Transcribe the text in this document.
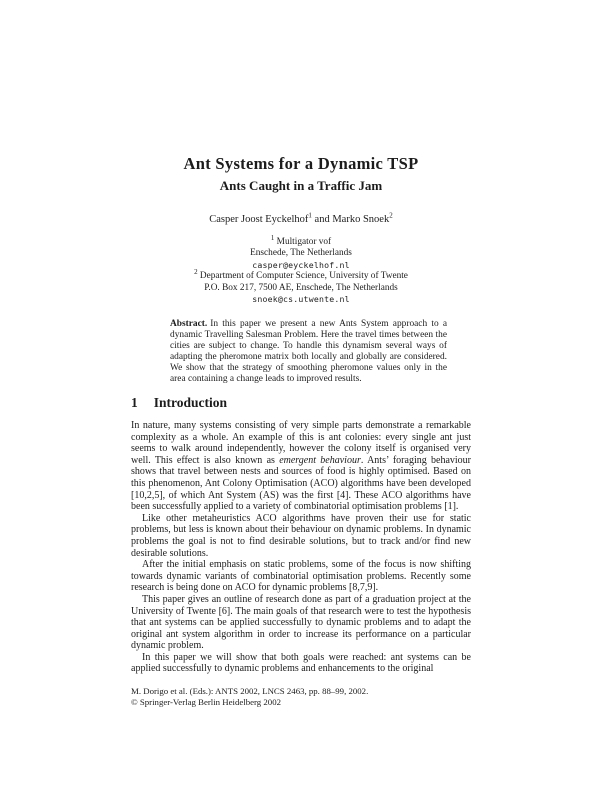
Ant Systems for a Dynamic TSP
Ants Caught in a Traffic Jam
Casper Joost Eyckelhof$^1$ and Marko Snoek$^2$
$^1$ Multigator vof
Enschede, The Netherlands
casper@eyckelhof.nl
$^2$ Department of Computer Science, University of Twente
P.O. Box 217, 7500 AE, Enschede, The Netherlands
snoek@cs.utwente.nl
Abstract. In this paper we present a new Ants System approach to a dynamic Travelling Salesman Problem. Here the travel times between the cities are subject to change. To handle this dynamism several ways of adapting the pheromone matrix both locally and globally are considered. We show that the strategy of smoothing pheromone values only in the area containing a change leads to improved results.
1 Introduction

In nature, many systems consisting of very simple parts demonstrate a remarkable complexity as a whole. An example of this is ant colonies: every single ant just seems to walk around independently, however the colony itself is organised very well. This effect is also known as emergent behaviour. Ants’ foraging behaviour shows that travel between nests and sources of food is highly optimised. Based on this phenomenon, Ant Colony Optimisation (ACO) algorithms have been developed [10,2,5], of which Ant System (AS) was the first [4]. These ACO algorithms have been successfully applied to a variety of combinatorial optimisation problems [1].

Like other metaheuristics ACO algorithms have proven their use for static problems, but less is known about their behaviour on dynamic problems. In dynamic problems the goal is not to find desirable solutions, but to track and/or find new desirable solutions.

After the initial emphasis on static problems, some of the focus is now shifting towards dynamic variants of combinatorial optimisation problems. Recently some research is being done on ACO for dynamic problems [8,7,9].

This paper gives an outline of research done as part of a graduation project at the University of Twente [6]. The main goals of that research were to test the hypothesis that ant systems can be applied successfully to dynamic problems and to adapt the original ant system algorithm in order to increase its performance on a particular dynamic problem.

In this paper we will show that both goals were reached: ant systems can be applied successfully to dynamic problems and enhancements to the original

M. Dorigo et al. (Eds.): ANTS 2002, LNCS 2463, pp. 88–99, 2002.
© Springer-Verlag Berlin Heidelberg 2002
